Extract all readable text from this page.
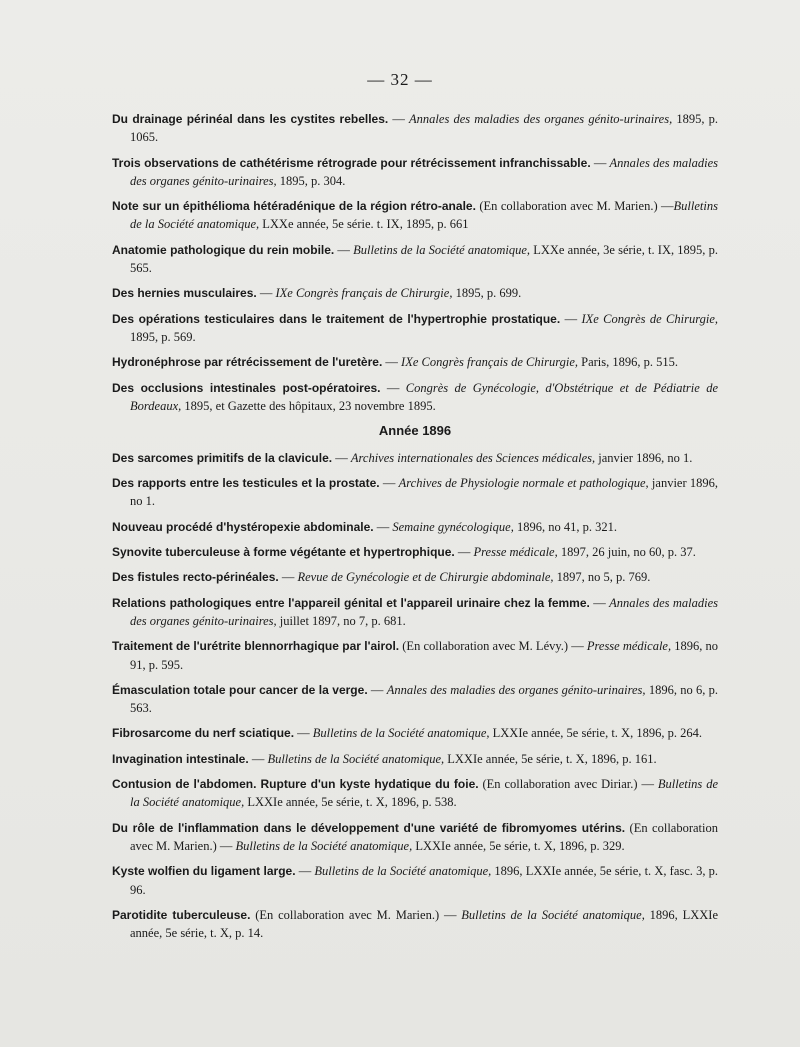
— 32 —

Du drainage périnéal dans les cystites rebelles. — Annales des maladies des organes génito-urinaires, 1895, p. 1065.

Trois observations de cathétérisme rétrograde pour rétrécissement infranchissable. — Annales des maladies des organes génito-urinaires, 1895, p. 304.

Note sur un épithélioma hétéradénique de la région rétro-anale. (En collaboration avec M. Marien.) —Bulletins de la Société anatomique, LXXe année, 5e série. t. IX, 1895, p. 661

Anatomie pathologique du rein mobile. — Bulletins de la Société anatomique, LXXe année, 3e série, t. IX, 1895, p. 565.

Des hernies musculaires. — IXe Congrès français de Chirurgie, 1895, p. 699.

Des opérations testiculaires dans le traitement de l'hypertrophie prostatique. — IXe Congrès de Chirurgie, 1895, p. 569.

Hydronéphrose par rétrécissement de l'uretère. — IXe Congrès français de Chirurgie, Paris, 1896, p. 515.

Des occlusions intestinales post-opératoires. — Congrès de Gynécologie, d'Obstétrique et de Pédiatrie de Bordeaux, 1895, et Gazette des hôpitaux, 23 novembre 1895.

Année 1896

Des sarcomes primitifs de la clavicule. — Archives internationales des Sciences médicales, janvier 1896, no 1.

Des rapports entre les testicules et la prostate. — Archives de Physiologie normale et pathologique, janvier 1896, no 1.

Nouveau procédé d'hystéropexie abdominale. — Semaine gynécologique, 1896, no 41, p. 321.

Synovite tuberculeuse à forme végétante et hypertrophique. — Presse médicale, 1897, 26 juin, no 60, p. 37.

Des fistules recto-périnéales. — Revue de Gynécologie et de Chirurgie abdominale, 1897, no 5, p. 769.

Relations pathologiques entre l'appareil génital et l'appareil urinaire chez la femme. — Annales des maladies des organes génito-urinaires, juillet 1897, no 7, p. 681.

Traitement de l'urétrite blennorrhagique par l'airol. (En collaboration avec M. Lévy.) — Presse médicale, 1896, no 91, p. 595.

Émasculation totale pour cancer de la verge. — Annales des maladies des organes génito-urinaires, 1896, no 6, p. 563.

Fibrosarcome du nerf sciatique. — Bulletins de la Société anatomique, LXXIe année, 5e série, t. X, 1896, p. 264.

Invagination intestinale. — Bulletins de la Société anatomique, LXXIe année, 5e série, t. X, 1896, p. 161.

Contusion de l'abdomen. Rupture d'un kyste hydatique du foie. (En collaboration avec Diriar.) — Bulletins de la Société anatomique, LXXIe année, 5e série, t. X, 1896, p. 538.

Du rôle de l'inflammation dans le développement d'une variété de fibromyomes utérins. (En collaboration avec M. Marien.) — Bulletins de la Société anatomique, LXXIe année, 5e série, t. X, 1896, p. 329.

Kyste wolfien du ligament large. — Bulletins de la Société anatomique, 1896, LXXIe année, 5e série, t. X, fasc. 3, p. 96.

Parotidite tuberculeuse. (En collaboration avec M. Marien.) — Bulletins de la Société anatomique, 1896, LXXIe année, 5e série, t. X, p. 14.
